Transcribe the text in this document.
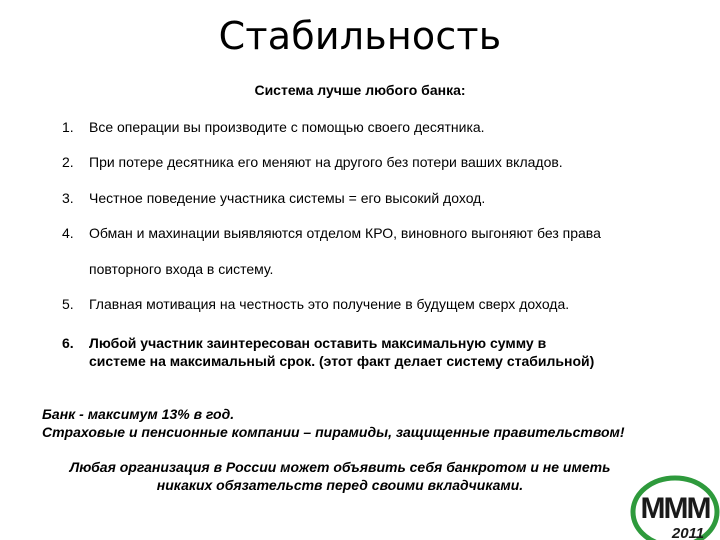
Стабильность
Система лучше любого банка:
1. Все операции вы производите с помощью своего десятника.
2. При потере десятника его меняют на другого без потери ваших вкладов.
3. Честное поведение участника системы = его высокий доход.
4. Обман и махинации выявляются отделом КРО, виновного выгоняют без права
повторного входа в систему.
5. Главная мотивация на честность это получение в будущем сверх дохода.
6. Любой участник заинтересован оставить максимальную сумму в
системе на максимальный срок. (этот факт делает систему стабильной)
Банк - максимум 13% в год.
Страховые и пенсионные компании – пирамиды, защищенные правительством!
Любая организация в России может объявить себя банкротом и не иметь
никаких обязательств перед своими вкладчиками.
MMM
2011
